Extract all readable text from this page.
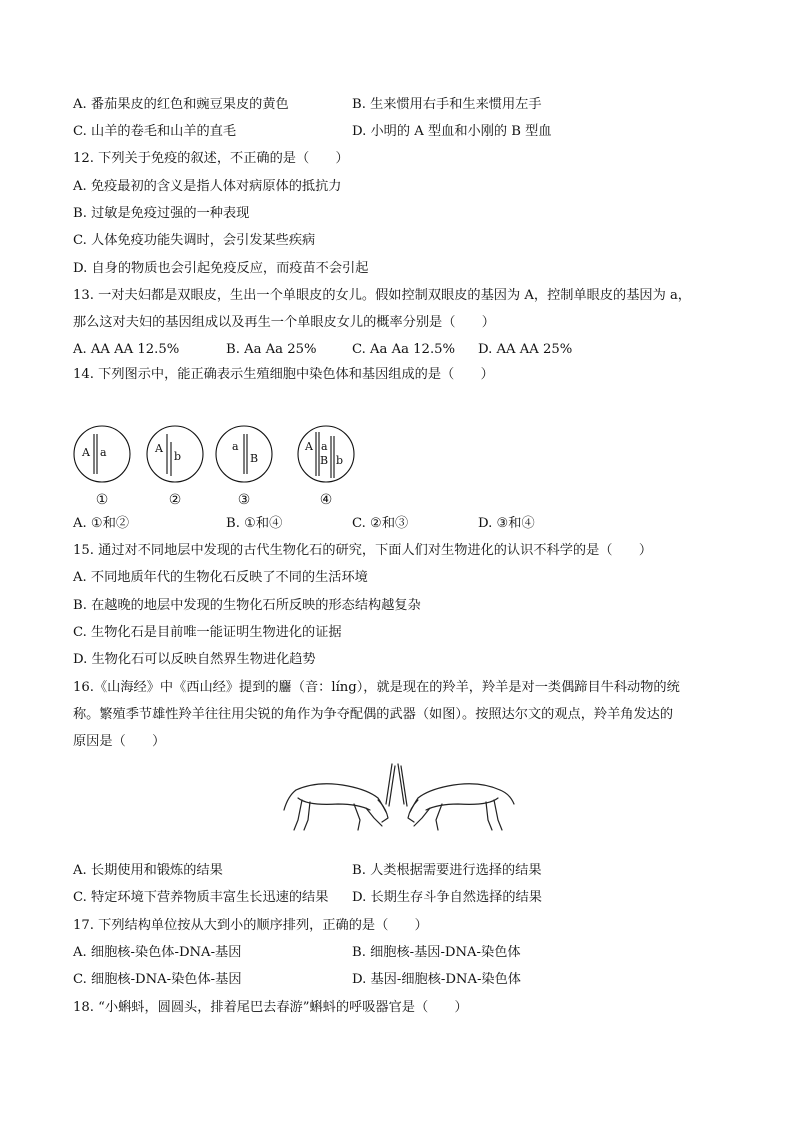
A. 番茄果皮的红色和豌豆果皮的黄色	B. 生来惯用右手和生来惯用左手
C. 山羊的卷毛和山羊的直毛	D. 小明的 A 型血和小刚的 B 型血
12. 下列关于免疫的叙述，不正确的是（　　）
A. 免疫最初的含义是指人体对病原体的抵抗力
B. 过敏是免疫过强的一种表现
C. 人体免疫功能失调时，会引发某些疾病
D. 自身的物质也会引起免疫反应，而疫苗不会引起
13. 一对夫妇都是双眼皮，生出一个单眼皮的女儿。假如控制双眼皮的基因为 A，控制单眼皮的基因为 a，
那么这对夫妇的基因组成以及再生一个单眼皮女儿的概率分别是（　　）
A. AA AA 12.5%	B. Aa Aa 25%	C. Aa Aa 12.5% D. AA AA 25%
14. 下列图示中，能正确表示生殖细胞中染色体和基因组成的是（　　）
A a	A
b
a
B
A a
B b
①	②	③	④
A. ①和②	B. ①和④	C. ②和③	D. ③和④
15. 通过对不同地层中发现的古代生物化石的研究，下面人们对生物进化的认识不科学的是（　　）
A. 不同地质年代的生物化石反映了不同的生活环境
B. 在越晚的地层中发现的生物化石所反映的形态结构越复杂
C. 生物化石是目前唯一能证明生物进化的证据
D. 生物化石可以反映自然界生物进化趋势
16.《山海经》中《西山经》提到的麢（音：líng），就是现在的羚羊，羚羊是对一类偶蹄目牛科动物的统
称。繁殖季节雄性羚羊往往用尖锐的角作为争夺配偶的武器（如图）。按照达尔文的观点，羚羊角发达的
原因是（　　）
A. 长期使用和锻炼的结果	B. 人类根据需要进行选择的结果
C. 特定环境下营养物质丰富生长迅速的结果 D. 长期生存斗争自然选择的结果
17. 下列结构单位按从大到小的顺序排列，正确的是（　　）
A. 细胞核-染色体-DNA-基因	B. 细胞核-基因-DNA-染色体
C. 细胞核-DNA-染色体-基因	D. 基因-细胞核-DNA-染色体
18. “小蝌蚪，圆圆头，排着尾巴去春游”蝌蚪的呼吸器官是（　　）
